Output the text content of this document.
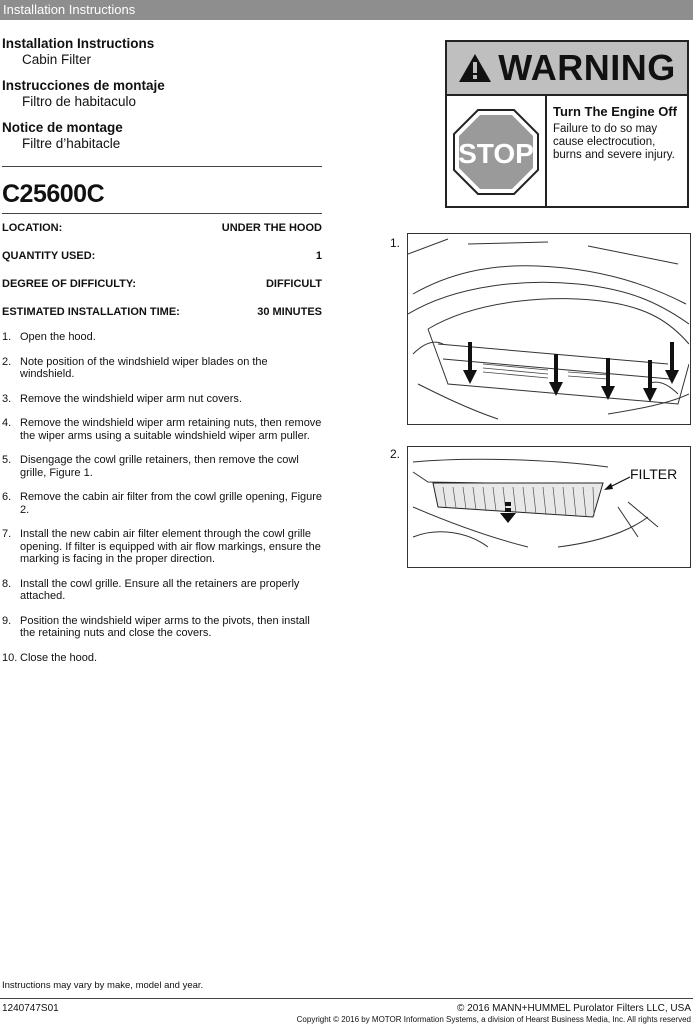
Installation Instructions

Installation Instructions

Cabin Filter

Instrucciones de montaje

Filtro de habitaculo

Notice de montage

Filtre d’habitacle

C25600C
LOCATION:	UNDER THE HOOD
QUANTITY USED:	1
DEGREE OF DIFFICULTY:	DIFFICULT
ESTIMATED INSTALLATION TIME:	30 MINUTES
1. Open the hood.
2. Note position of the windshield wiper blades on the windshield.
3. Remove the windshield wiper arm nut covers.
4. Remove the windshield wiper arm retaining nuts, then remove the wiper arms using a suitable windshield wiper arm puller.
5. Disengage the cowl grille retainers, then remove the cowl grille, Figure 1.
6. Remove the cabin air filter from the cowl grille opening, Figure 2.
7. Install the new cabin air filter element through the cowl grille opening. If filter is equipped with air flow markings, ensure the marking is facing in the proper direction.
8. Install the cowl grille. Ensure all the retainers are properly attached.
9. Position the windshield wiper arms to the pivots, then install the retaining nuts and close the covers.
10. Close the hood.
WARNING
STOP
Turn The Engine Off
Failure to do so may cause electrocution, burns and severe injury.
1.
2.
FILTER
Instructions may vary by make, model and year.
1240747S01	© 2016 MANN+HUMMEL Purolator Filters LLC, USA
Copyright © 2016 by MOTOR Information Systems, a division of Hearst Business Media, Inc. All rights reserved
